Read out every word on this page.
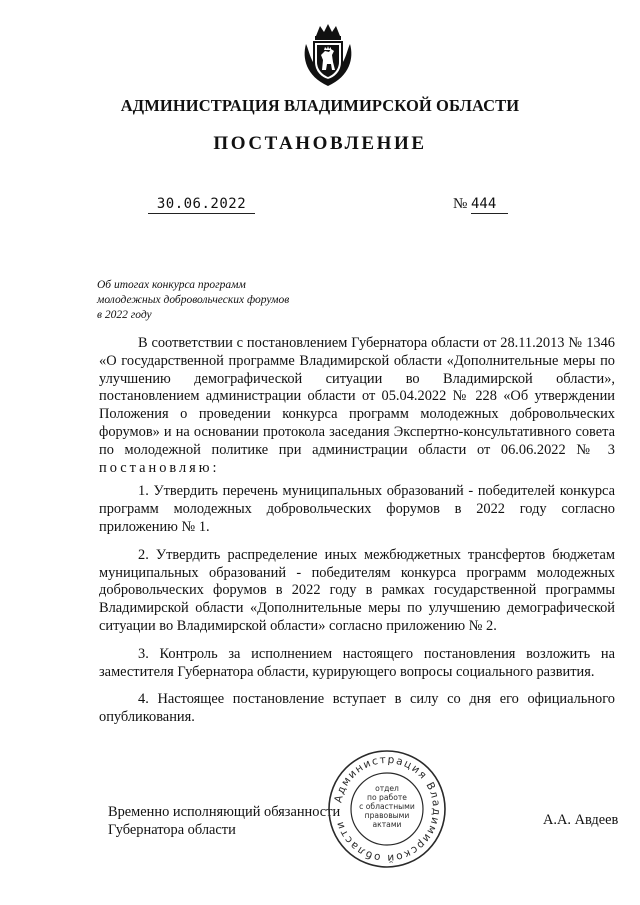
АДМИНИСТРАЦИЯ ВЛАДИМИРСКОЙ ОБЛАСТИ
ПОСТАНОВЛЕНИЕ
30.06.2022	№ 444
Об итогах конкурса программ
молодежных добровольческих форумов
в 2022 году

В соответствии с постановлением Губернатора области от 28.11.2013 № 1346 «О государственной программе Владимирской области «Дополнительные меры по улучшению демографической ситуации во Владимирской области», постановлением администрации области от 05.04.2022 № 228 «Об утверждении Положения о проведении конкурса программ молодежных добровольческих форумов» и на основании протокола заседания Экспертно-консультативного совета по молодежной политике при администрации области от 06.06.2022 № 3 постановляю:

1. Утвердить перечень муниципальных образований - победителей конкурса программ молодежных добровольческих форумов в 2022 году согласно приложению № 1.

2. Утвердить распределение иных межбюджетных трансфертов бюджетам муниципальных образований - победителям конкурса программ молодежных добровольческих форумов в 2022 году в рамках государственной программы Владимирской области «Дополнительные меры по улучшению демографической ситуации во Владимирской области» согласно приложению № 2.

3. Контроль за исполнением настоящего постановления возложить на заместителя Губернатора области, курирующего вопросы социального развития.

4. Настоящее постановление вступает в силу со дня его официального опубликования.

Временно исполняющий обязанности
Губернатора области
А.А. Авдеев
Администрация Владимирской области
отдел
по работе
с областными
правовыми
актами
